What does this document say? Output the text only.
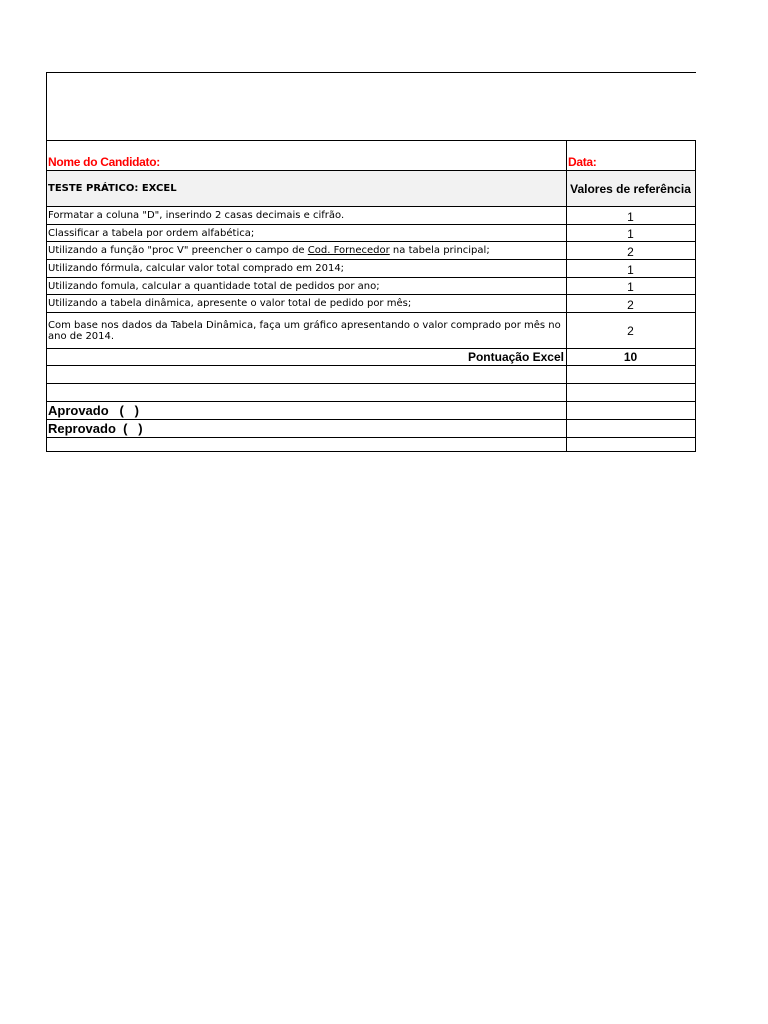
Nome do Candidato:	Data:
TESTE PRÁTICO: EXCEL	Valores de referência
Formatar a coluna "D", inserindo 2 casas decimais e cifrão.	1
Classificar a tabela por ordem alfabética;	1
Utilizando a função "proc V" preencher o campo de Cod. Fornecedor na tabela principal;	2
Utilizando fórmula, calcular valor total comprado em 2014;	1
Utilizando fomula, calcular a quantidade total de pedidos por ano;	1
Utilizando a tabela dinâmica, apresente o valor total de pedido por mês;	2
Com base nos dados da Tabela Dinâmica, faça um gráfico apresentando o valor comprado por mês no ano de 2014.	2
Pontuação Excel	10

Aprovado   (   )	
Reprovado  (   )	
